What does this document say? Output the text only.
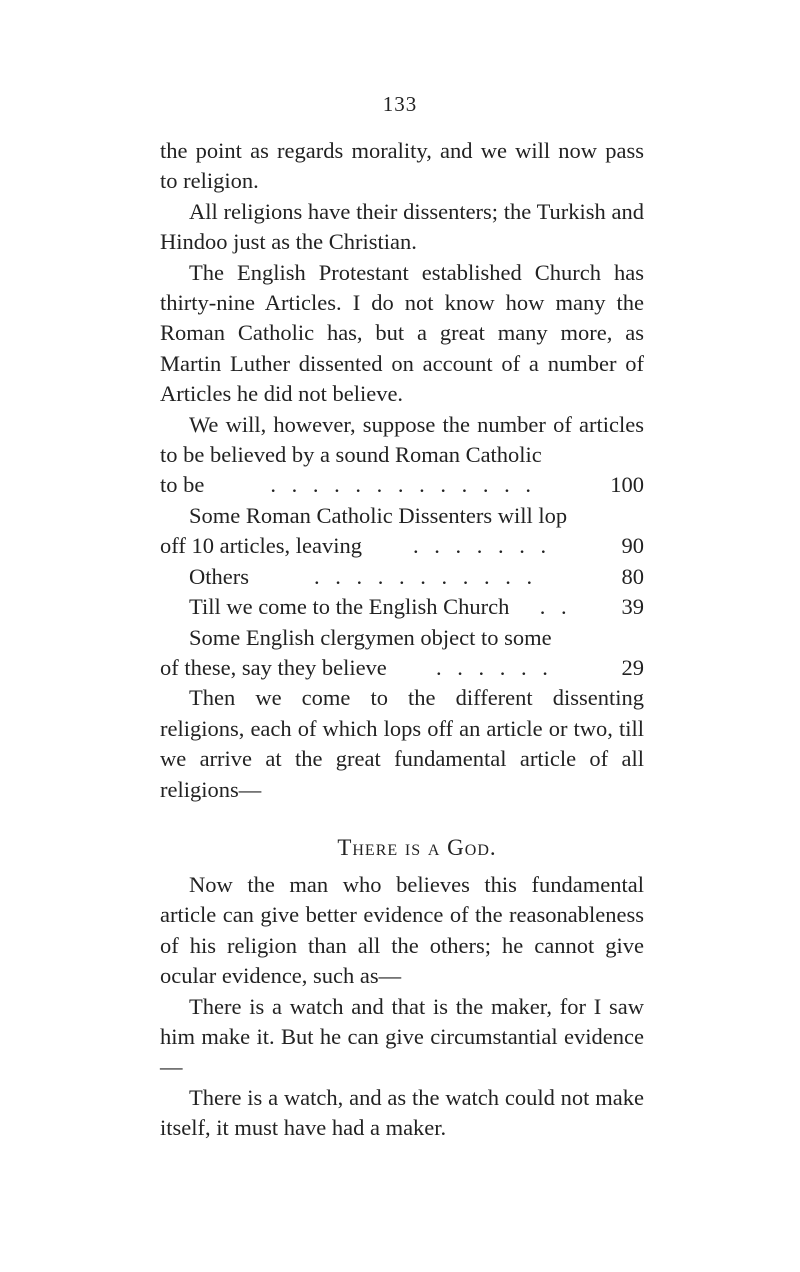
133

the point as regards morality, and we will now pass to religion.

All religions have their dissenters; the Turkish and Hindoo just as the Christian.

The English Protestant established Church has thirty-nine Articles. I do not know how many the Roman Catholic has, but a great many more, as Martin Luther dissented on account of a number of Articles he did not believe.

We will, however, suppose the number of articles to be believed by a sound Roman Catholic

to be	. . . . . . . . . . . . .	100

Some Roman Catholic Dissenters will lop

off 10 articles, leaving . . . . . . .	90
Others	. . . . . . . . . . .	80
Till we come to the English Church . .	39

Some English clergymen object to some

of these, say they believe . . . . . .	29

Then we come to the different dissenting religions, each of which lops off an article or two, till we arrive at the great fundamental article of all religions—

There is a God.

Now the man who believes this fundamental article can give better evidence of the reasonableness of his religion than all the others; he cannot give ocular evidence, such as—

There is a watch and that is the maker, for I saw him make it. But he can give circumstantial evidence—

There is a watch, and as the watch could not make itself, it must have had a maker.
